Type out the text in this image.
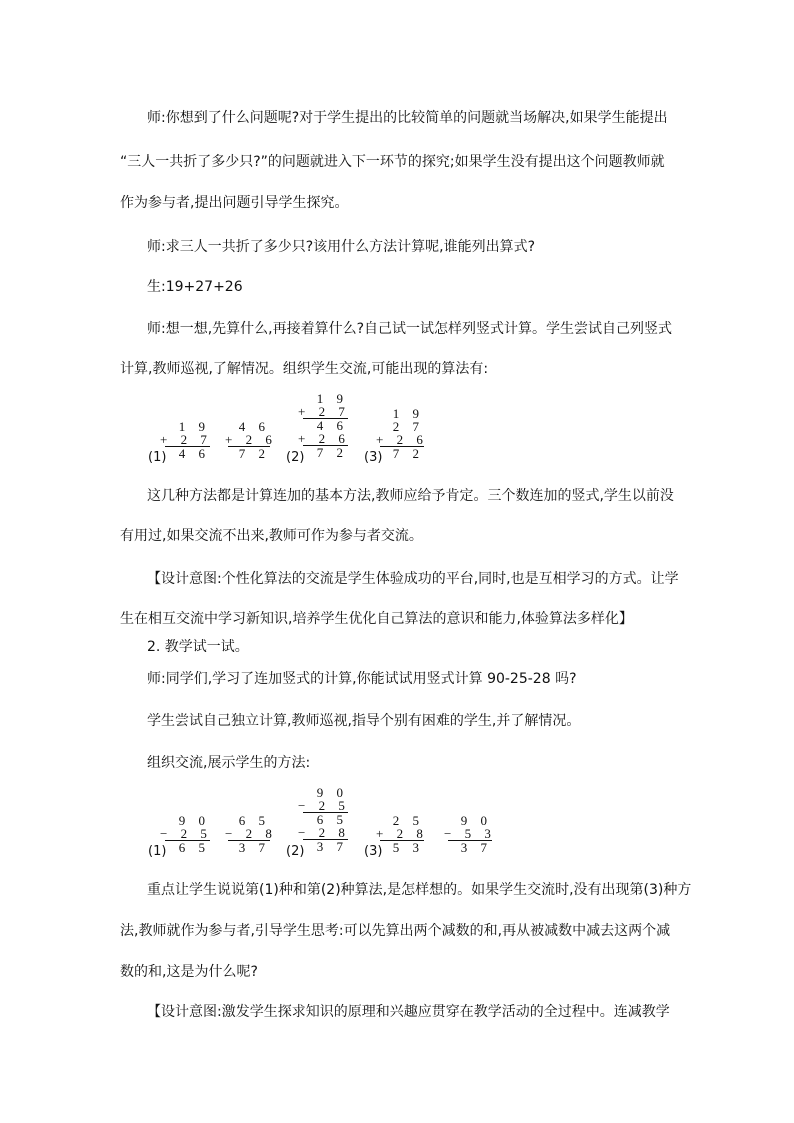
师:你想到了什么问题呢?对于学生提出的比较简单的问题就当场解决,如果学生能提出
“三人一共折了多少只?”的问题就进入下一环节的探究;如果学生没有提出这个问题教师就
作为参与者,提出问题引导学生探究。
师:求三人一共折了多少只?该用什么方法计算呢,谁能列出算式?
生:19+27+26
师:想一想,先算什么,再接着算什么?自己试一试怎样列竖式计算。学生尝试自己列竖式
计算,教师巡视,了解情况。组织学生交流,可能出现的算法有:
(1)
1 9
+ 2 7
4 6
4 6
+ 2 6
7 2 (2)
1 9
+ 2 7
4 6
+ 2 6
7 2 (3)
1 9
2 7
+ 2 6
7 2
这几种方法都是计算连加的基本方法,教师应给予肯定。三个数连加的竖式,学生以前没
有用过,如果交流不出来,教师可作为参与者交流。
【设计意图:个性化算法的交流是学生体验成功的平台,同时,也是互相学习的方式。让学
生在相互交流中学习新知识,培养学生优化自己算法的意识和能力,体验算法多样化】
2. 教学试一试。
师:同学们,学习了连加竖式的计算,你能试试用竖式计算 90-25-28 吗?
学生尝试自己独立计算,教师巡视,指导个别有困难的学生,并了解情况。
组织交流,展示学生的方法:
(1)
9 0
− 2 5
6 5
6 5
− 2 8
3 7 (2)
9 0
− 2 5
6 5
− 2 8
3 7 (3)
2 5
+ 2 8
5 3
9 0
− 5 3
3 7
重点让学生说说第(1)种和第(2)种算法,是怎样想的。如果学生交流时,没有出现第(3)种方
法,教师就作为参与者,引导学生思考:可以先算出两个减数的和,再从被减数中减去这两个减
数的和,这是为什么呢?
【设计意图:激发学生探求知识的原理和兴趣应贯穿在教学活动的全过程中。连减教学
